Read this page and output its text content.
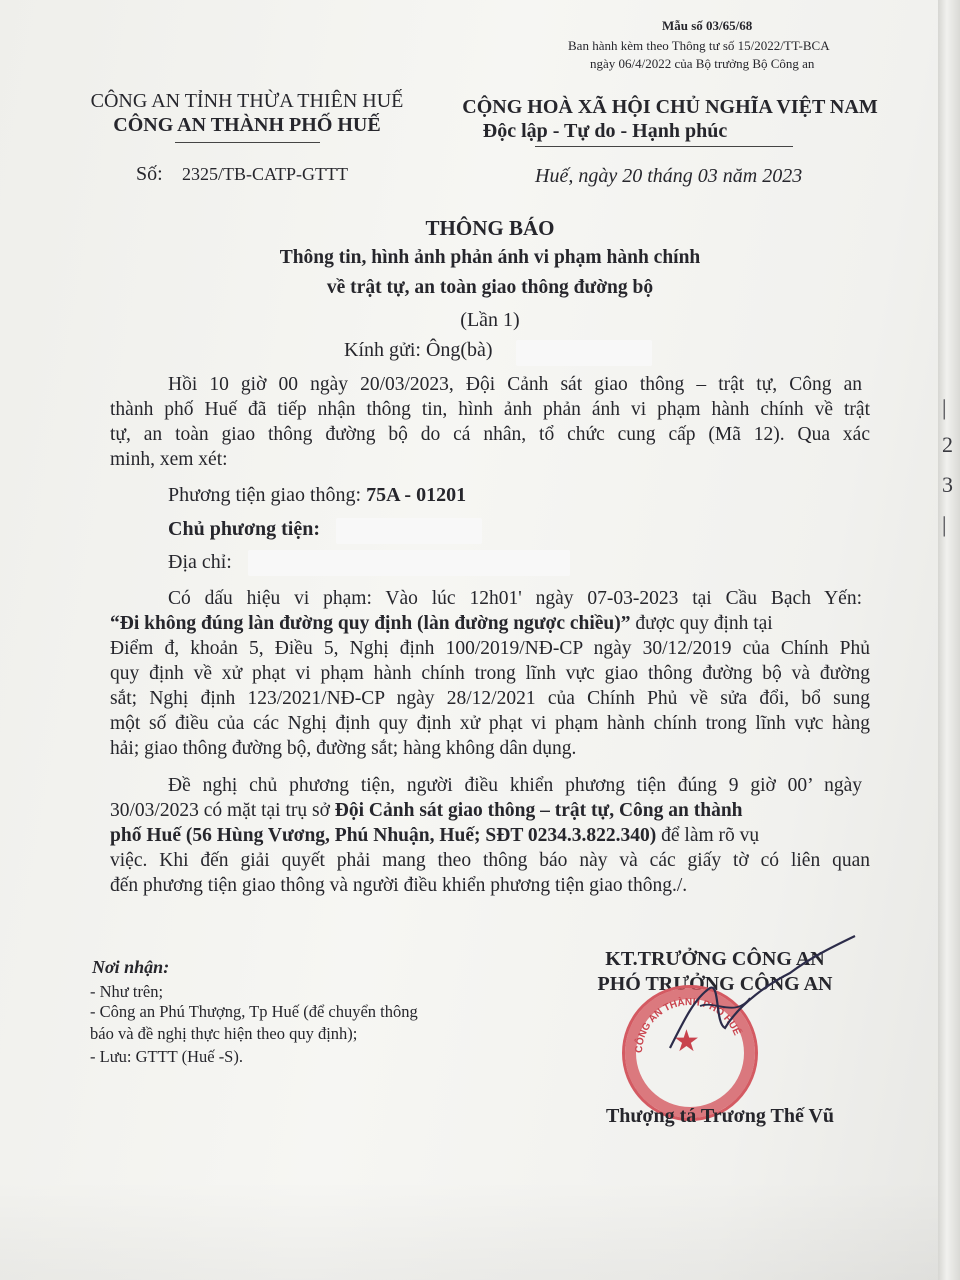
Mẫu số 03/65/68
Ban hành kèm theo Thông tư số 15/2022/TT-BCA
ngày 06/4/2022 của Bộ trưởng Bộ Công an
CÔNG AN TỈNH THỪA THIÊN HUẾ
CÔNG AN THÀNH PHỐ HUẾ
Số: 2325/TB-CATP-GTTT
CỘNG HOÀ XÃ HỘI CHỦ NGHĨA VIỆT NAM
Độc lập - Tự do - Hạnh phúc
Huế, ngày 20 tháng 03 năm 2023
THÔNG BÁO
Thông tin, hình ảnh phản ánh vi phạm hành chính
về trật tự, an toàn giao thông đường bộ
(Lần 1)
Kính gửi: Ông(bà)
Hồi 10 giờ 00 ngày 20/03/2023, Đội Cảnh sát giao thông – trật tự, Công an
thành phố Huế đã tiếp nhận thông tin, hình ảnh phản ánh vi phạm hành chính về trật
tự, an toàn giao thông đường bộ do cá nhân, tổ chức cung cấp (Mã 12). Qua xác
minh, xem xét:
Phương tiện giao thông: 75A - 01201
Chủ phương tiện:
Địa chỉ:
Có dấu hiệu vi phạm: Vào lúc 12h01' ngày 07-03-2023 tại Cầu Bạch Yến:
“Đi không đúng làn đường quy định (làn đường ngược chiều)” được quy định tại
Điểm đ, khoản 5, Điều 5, Nghị định 100/2019/NĐ-CP ngày 30/12/2019 của Chính Phủ
quy định về xử phạt vi phạm hành chính trong lĩnh vực giao thông đường bộ và đường
sắt; Nghị định 123/2021/NĐ-CP ngày 28/12/2021 của Chính Phủ về sửa đổi, bổ sung
một số điều của các Nghị định quy định xử phạt vi phạm hành chính trong lĩnh vực hàng
hải; giao thông đường bộ, đường sắt; hàng không dân dụng.
Đề nghị chủ phương tiện, người điều khiển phương tiện đúng 9 giờ 00’ ngày
30/03/2023 có mặt tại trụ sở Đội Cảnh sát giao thông – trật tự, Công an thành
phố Huế (56 Hùng Vương, Phú Nhuận, Huế; SĐT 0234.3.822.340) để làm rõ vụ
việc. Khi đến giải quyết phải mang theo thông báo này và các giấy tờ có liên quan
đến phương tiện giao thông và người điều khiển phương tiện giao thông./.
Nơi nhận:
- Như trên;
- Công an Phú Thượng, Tp Huế (để chuyển thông
báo và đề nghị thực hiện theo quy định);
- Lưu: GTTT (Huế -S).
KT.TRƯỞNG CÔNG AN
PHÓ TRƯỞNG CÔNG AN
CÔNG AN THÀNH PHỐ HUẾ
★
Thượng tá Trương Thế Vũ
|
2
3
|
